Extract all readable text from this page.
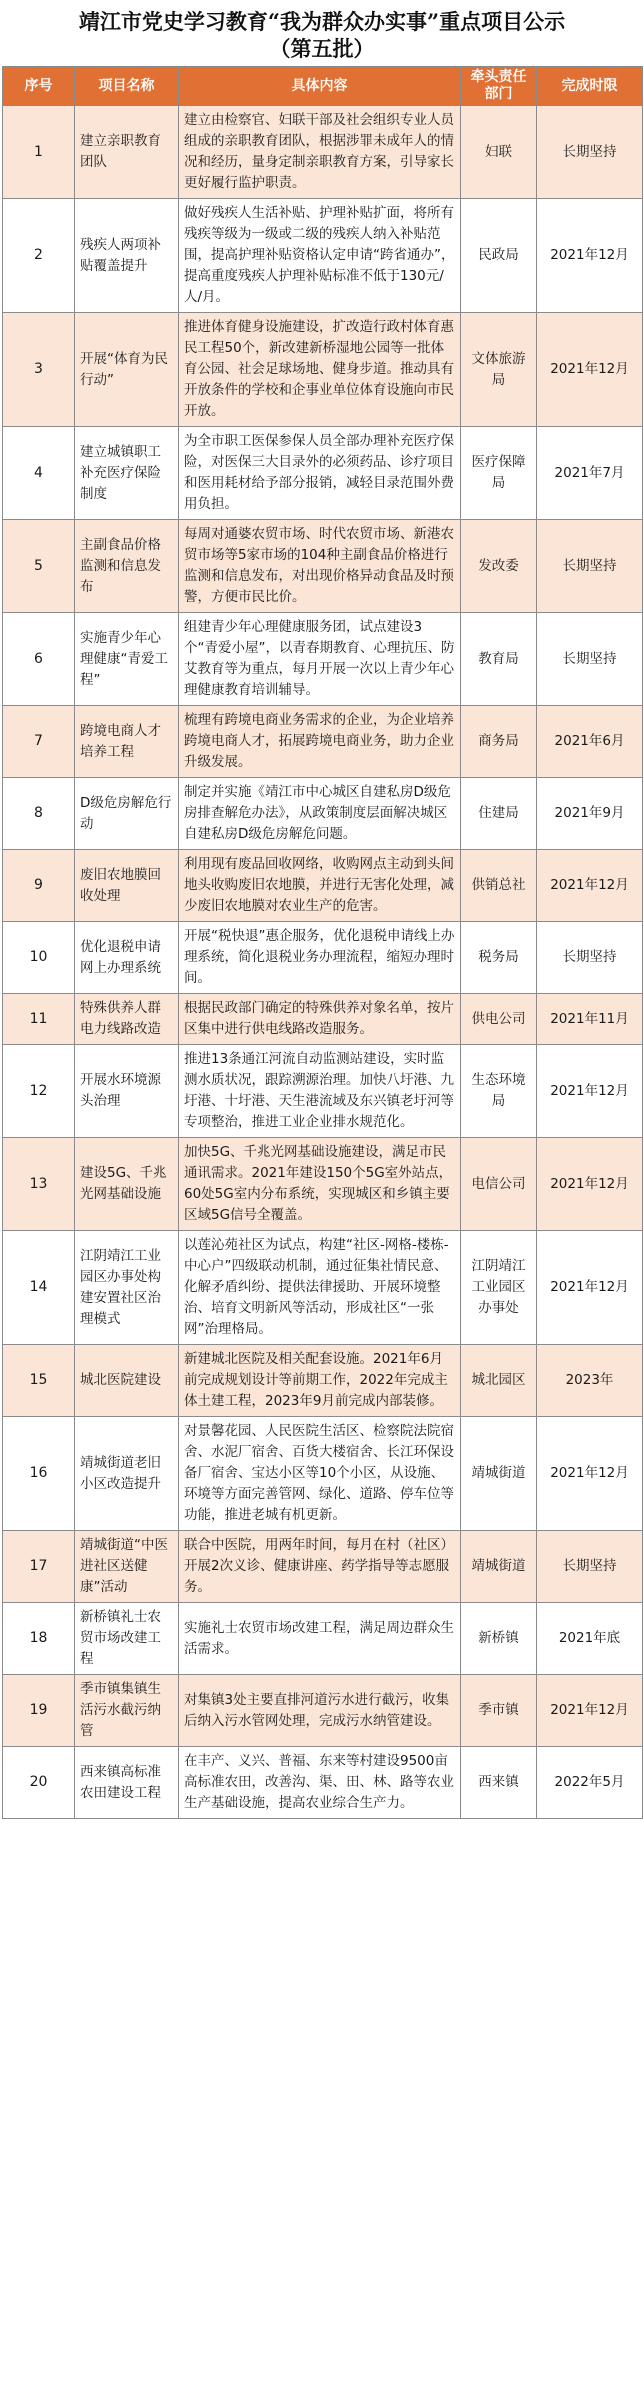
靖江市党史学习教育“我为群众办实事”重点项目公示
（第五批）
序号	项目名称	具体内容	牵头责任部门	完成时限
1	建立亲职教育团队	建立由检察官、妇联干部及社会组织专业人员组成的亲职教育团队，根据涉罪未成年人的情况和经历，量身定制亲职教育方案，引导家长更好履行监护职责。	妇联	长期坚持
2	残疾人两项补贴覆盖提升	做好残疾人生活补贴、护理补贴扩面，将所有残疾等级为一级或二级的残疾人纳入补贴范围，提高护理补贴资格认定申请“跨省通办”，提高重度残疾人护理补贴标准不低于130元/人/月。	民政局	2021年12月
3	开展“体育为民行动”	推进体育健身设施建设，扩改造行政村体育惠民工程50个，新改建新桥湿地公园等一批体育公园、社会足球场地、健身步道。推动具有开放条件的学校和企事业单位体育设施向市民开放。	文体旅游局	2021年12月
4	建立城镇职工补充医疗保险制度	为全市职工医保参保人员全部办理补充医疗保险，对医保三大目录外的必须药品、诊疗项目和医用耗材给予部分报销，减轻目录范围外费用负担。	医疗保障局	2021年7月
5	主副食品价格监测和信息发布	每周对通婆农贸市场、时代农贸市场、新港农贸市场等5家市场的104种主副食品价格进行监测和信息发布，对出现价格异动食品及时预警，方便市民比价。	发改委	长期坚持
6	实施青少年心理健康“青爱工程”	组建青少年心理健康服务团，试点建设3个“青爱小屋”，以青春期教育、心理抗压、防艾教育等为重点，每月开展一次以上青少年心理健康教育培训辅导。	教育局	长期坚持
7	跨境电商人才培养工程	梳理有跨境电商业务需求的企业，为企业培养跨境电商人才，拓展跨境电商业务，助力企业升级发展。	商务局	2021年6月
8	D级危房解危行动	制定并实施《靖江市中心城区自建私房D级危房排查解危办法》，从政策制度层面解决城区自建私房D级危房解危问题。	住建局	2021年9月
9	废旧农地膜回收处理	利用现有废品回收网络，收购网点主动到头间地头收购废旧农地膜，并进行无害化处理，减少废旧农地膜对农业生产的危害。	供销总社	2021年12月
10	优化退税申请网上办理系统	开展“税快退”惠企服务，优化退税申请线上办理系统，简化退税业务办理流程，缩短办理时间。	税务局	长期坚持
11	特殊供养人群电力线路改造	根据民政部门确定的特殊供养对象名单，按片区集中进行供电线路改造服务。	供电公司	2021年11月
12	开展水环境源头治理	推进13条通江河流自动监测站建设，实时监测水质状况，跟踪溯源治理。加快八圩港、九圩港、十圩港、天生港流域及东兴镇老圩河等专项整治，推进工业企业排水规范化。	生态环境局	2021年12月
13	建设5G、千兆光网基础设施	加快5G、千兆光网基础设施建设，满足市民通讯需求。2021年建设150个5G室外站点，60处5G室内分布系统，实现城区和乡镇主要区域5G信号全覆盖。	电信公司	2021年12月
14	江阴靖江工业园区办事处构建安置社区治理模式	以莲沁苑社区为试点，构建“社区-网格-楼栋-中心户”四级联动机制，通过征集社情民意、化解矛盾纠纷、提供法律援助、开展环境整治、培育文明新风等活动，形成社区“一张网”治理格局。	江阴靖江工业园区办事处	2021年12月
15	城北医院建设	新建城北医院及相关配套设施。2021年6月前完成规划设计等前期工作，2022年完成主体土建工程，2023年9月前完成内部装修。	城北园区	2023年
16	靖城街道老旧小区改造提升	对景馨花园、人民医院生活区、检察院法院宿舍、水泥厂宿舍、百货大楼宿舍、长江环保设备厂宿舍、宝达小区等10个小区，从设施、环境等方面完善管网、绿化、道路、停车位等功能，推进老城有机更新。	靖城街道	2021年12月
17	靖城街道“中医进社区送健康”活动	联合中医院，用两年时间，每月在村（社区）开展2次义诊、健康讲座、药学指导等志愿服务。	靖城街道	长期坚持
18	新桥镇礼士农贸市场改建工程	实施礼士农贸市场改建工程，满足周边群众生活需求。	新桥镇	2021年底
19	季市镇集镇生活污水截污纳管	对集镇3处主要直排河道污水进行截污，收集后纳入污水管网处理，完成污水纳管建设。	季市镇	2021年12月
20	西来镇高标准农田建设工程	在丰产、义兴、普福、东来等村建设9500亩高标准农田，改善沟、渠、田、林、路等农业生产基础设施，提高农业综合生产力。	西来镇	2022年5月
